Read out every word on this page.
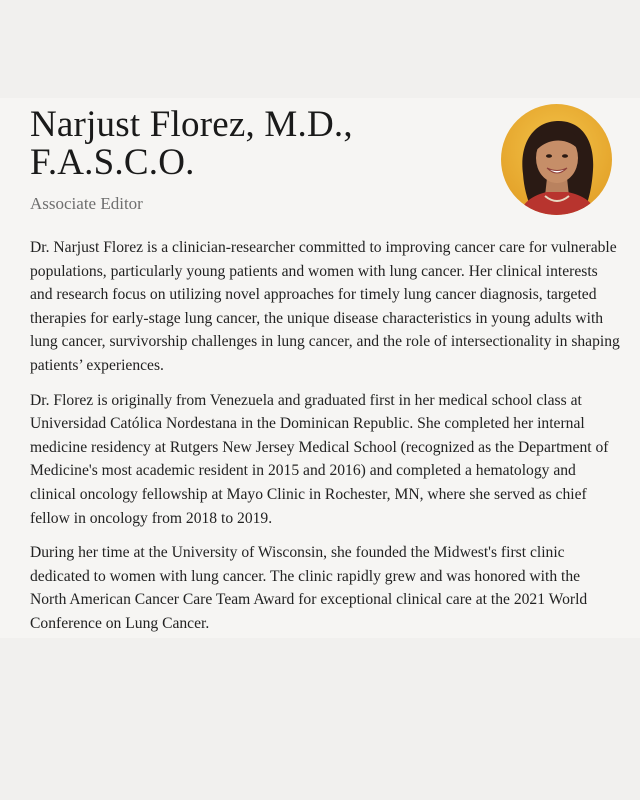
Narjust Florez, M.D., F.A.S.C.O.
Associate Editor

Dr. Narjust Florez is a clinician-researcher committed to improving cancer care for vulnerable populations, particularly young patients and women with lung cancer. Her clinical interests and research focus on utilizing novel approaches for timely lung cancer diagnosis, targeted therapies for early-stage lung cancer, the unique disease characteristics in young adults with lung cancer, survivorship challenges in lung cancer, and the role of intersectionality in shaping patients’ experiences.

Dr. Florez is originally from Venezuela and graduated first in her medical school class at Universidad Católica Nordestana in the Dominican Republic. She completed her internal medicine residency at Rutgers New Jersey Medical School (recognized as the Department of Medicine's most academic resident in 2015 and 2016) and completed a hematology and clinical oncology fellowship at Mayo Clinic in Rochester, MN, where she served as chief fellow in oncology from 2018 to 2019.

During her time at the University of Wisconsin, she founded the Midwest's first clinic dedicated to women with lung cancer. The clinic rapidly grew and was honored with the North American Cancer Care Team Award for exceptional clinical care at the 2021 World Conference on Lung Cancer.
